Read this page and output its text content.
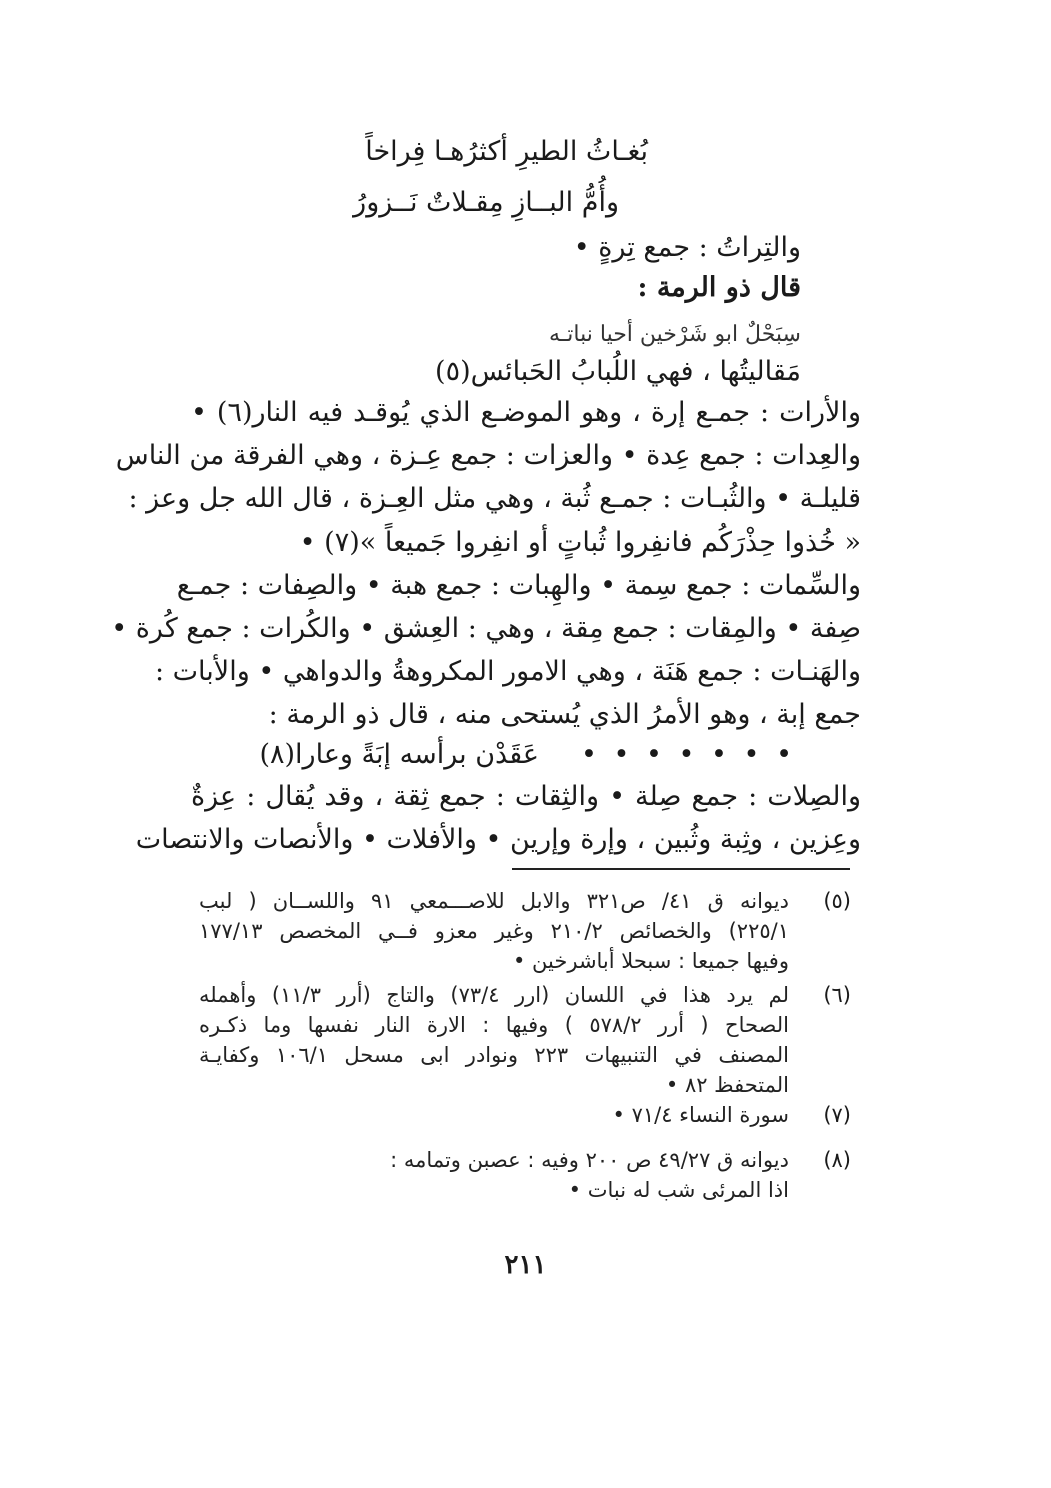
بُغـاثُ الطيرِ أكثرُهـا فِراخاً
وأُمُّ البــازِ مِقـلاتٌ نَــزورُ
والتِراتُ : جمع تِرةٍ •
قال ذو الرمة :
سِبَحْلٌ ابو شَرْخين أحيا نباتـه
مَقاليتُها ، فهي اللُبابُ الحَبائس(٥)
والأرات : جمـع إرة ، وهو الموضـع الذي يُوقـد فيه النار(٦) •
والعِدات : جمع عِدة • والعزات : جمع عِـزة ، وهي الفرقة من الناس
قليلـة • والثُبـات : جمـع ثُبة ، وهي مثل العِـزة ، قال الله جل وعز :
« خُذوا حِذْرَكُم فانفِروا ثُباتٍ أو انفِروا جَميعاً »(٧) •
والسِّمات : جمع سِمة • والهِبات : جمع هبة • والصِفات : جمـع
صِفة • والمِقات : جمع مِقة ، وهي : العِشق • والكُرات : جمع كُرة •
والهَنـات : جمع هَنَة ، وهي الامور المكروهةُ والدواهي • والأبات :
جمع إبة ، وهو الأمرُ الذي يُستحى منه ، قال ذو الرمة :
• • • • • • •
عَقَدْن برأسه إبَةً وعارا(٨)
والصِلات : جمع صِلة • والثِقات : جمع ثِقة ، وقد يُقال : عِزةٌ
وعِزين ، وثِبة وثُبين ، وإرة وإرين • والأفلات • والأنصات والانتصات
(٥)
ديوانه ق ٤١/ ص٣٢١ والابل للاصـــمعي ٩١ واللســان ( لبب
٢٢٥/١) والخصائص ٢١٠/٢ وغير معزو فــي المخصص ١٧٧/١٣
وفيها جميعا : سبحلا أباشرخين •
(٦)
لم يرد هذا في اللسان (ارر ٧٣/٤) والتاج (أرر ١١/٣) وأهمله
الصحاح ( أرر ٥٧٨/٢ ) وفيها : الارة النار نفسها وما ذكـره
المصنف في التنبيهات ٢٢٣ ونوادر ابى مسحل ١٠٦/١ وكفايـة
المتحفظ ٨٢ •
(٧)
سورة النساء ٧١/٤ •
(٨)
ديوانه ق ٤٩/٢٧ ص ٢٠٠ وفيه : عصبن وتمامه :
اذا المرئى شب له نبات •
٢١١
